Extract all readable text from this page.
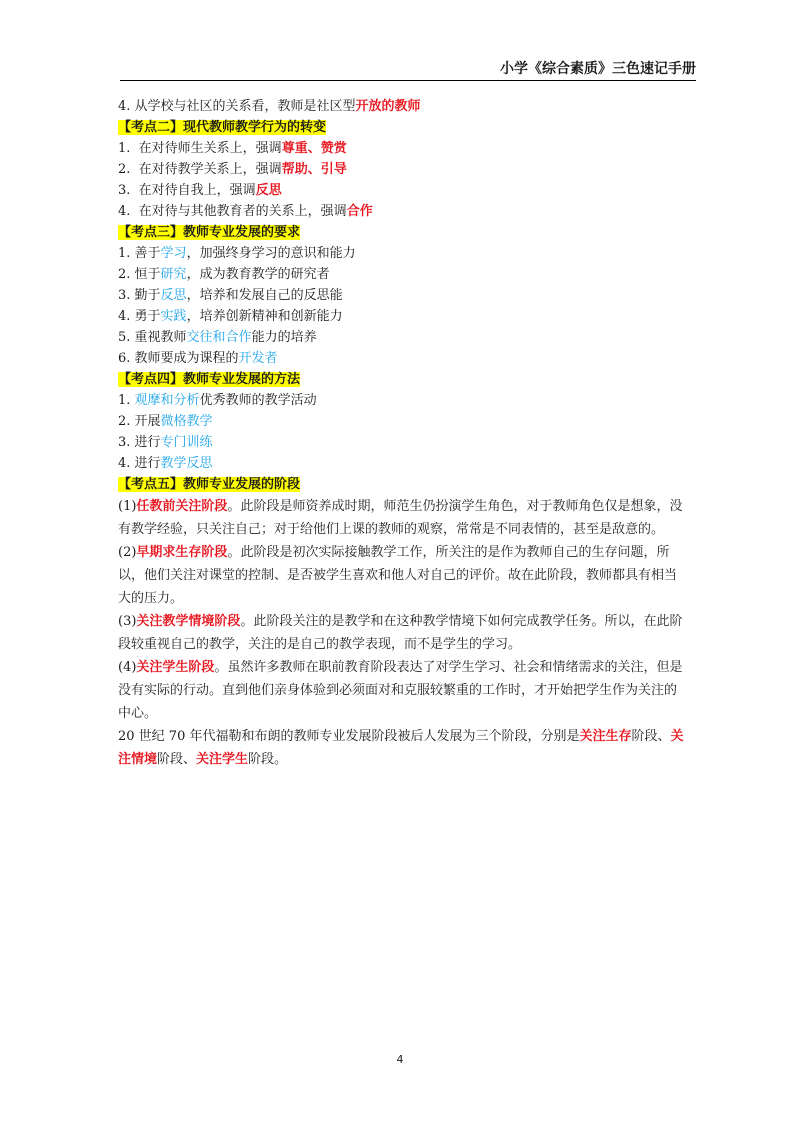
小学《综合素质》三色速记手册
4. 从学校与社区的关系看，教师是社区型开放的教师
【考点二】现代教师教学行为的转变
1. 在对待师生关系上，强调尊重、赞赏
2. 在对待教学关系上，强调帮助、引导
3. 在对待自我上，强调反思
4. 在对待与其他教育者的关系上，强调合作
【考点三】教师专业发展的要求
1. 善于学习，加强终身学习的意识和能力
2. 恒于研究，成为教育教学的研究者
3. 勤于反思，培养和发展自己的反思能
4. 勇于实践，培养创新精神和创新能力
5. 重视教师交往和合作能力的培养
6. 教师要成为课程的开发者
【考点四】教师专业发展的方法
1. 观摩和分析优秀教师的教学活动
2. 开展微格教学
3. 进行专门训练
4. 进行教学反思
【考点五】教师专业发展的阶段
(1)任教前关注阶段。此阶段是师资养成时期，师范生仍扮演学生角色，对于教师角色仅是想象，没有教学经验，只关注自己；对于给他们上课的教师的观察，常常是不同表情的，甚至是敌意的。
(2)早期求生存阶段。此阶段是初次实际接触教学工作，所关注的是作为教师自己的生存问题，所以，他们关注对课堂的控制、是否被学生喜欢和他人对自己的评价。故在此阶段，教师都具有相当大的压力。
(3)关注教学情境阶段。此阶段关注的是教学和在这种教学情境下如何完成教学任务。所以，在此阶段较重视自己的教学，关注的是自己的教学表现，而不是学生的学习。
(4)关注学生阶段。虽然许多教师在职前教育阶段表达了对学生学习、社会和情绪需求的关注，但是没有实际的行动。直到他们亲身体验到必须面对和克服较繁重的工作时，才开始把学生作为关注的中心。
20 世纪 70 年代福勒和布朗的教师专业发展阶段被后人发展为三个阶段，分别是关注生存阶段、关注情境阶段、关注学生阶段。
4
